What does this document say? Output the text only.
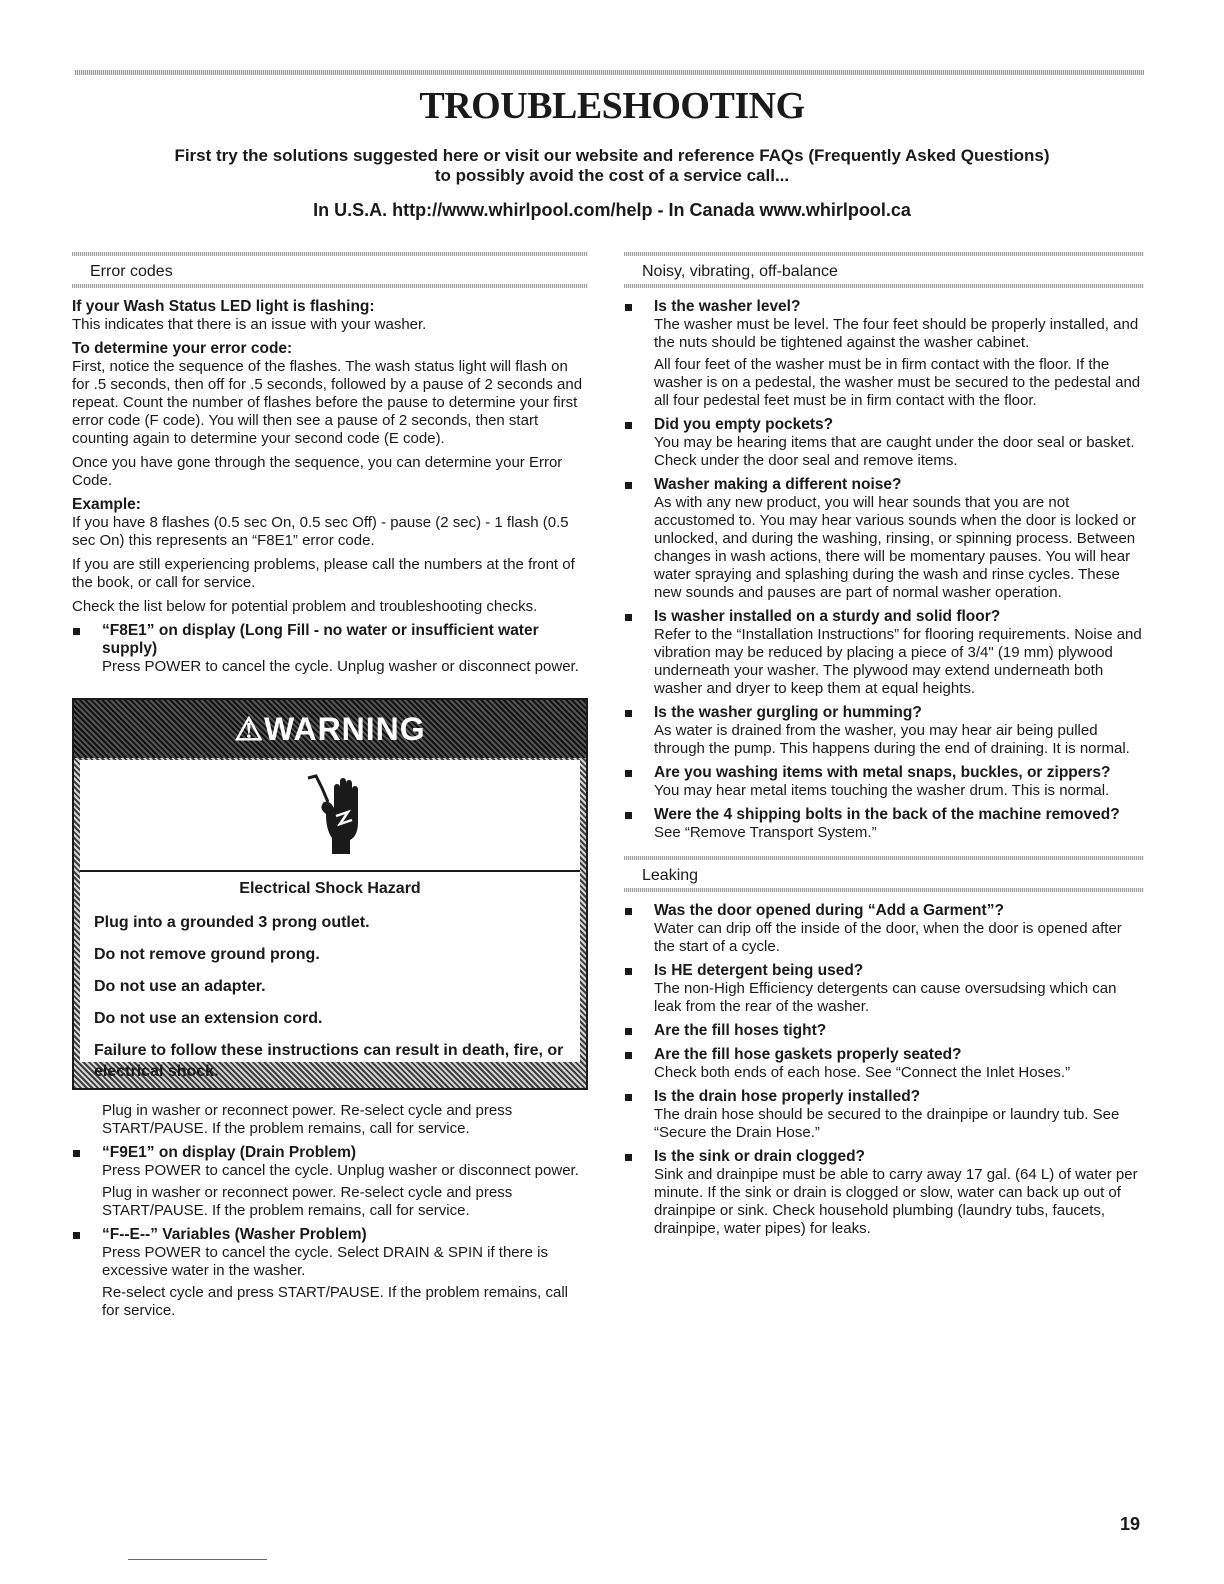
TROUBLESHOOTING

First try the solutions suggested here or visit our website and reference FAQs (Frequently Asked Questions)

to possibly avoid the cost of a service call...

In U.S.A. http://www.whirlpool.com/help - In Canada www.whirlpool.ca

Error codes
If your Wash Status LED light is flashing:

This indicates that there is an issue with your washer.

To determine your error code:

First, notice the sequence of the flashes. The wash status light will flash on for .5 seconds, then off for .5 seconds, followed by a pause of 2 seconds and repeat. Count the number of flashes before the pause to determine your first error code (F code). You will then see a pause of 2 seconds, then start counting again to determine your second code (E code).

Once you have gone through the sequence, you can determine your Error Code.

Example:

If you have 8 flashes (0.5 sec On, 0.5 sec Off) - pause (2 sec) - 1 flash (0.5 sec On) this represents an “F8E1” error code.

If you are still experiencing problems, please call the numbers at the front of the book, or call for service.

Check the list below for potential problem and troubleshooting checks.

“F8E1” on display (Long Fill - no water or insufficient water supply)

Press POWER to cancel the cycle. Unplug washer or disconnect power.

⚠WARNING

Electrical Shock Hazard

Plug into a grounded 3 prong outlet.

Do not remove ground prong.

Do not use an adapter.

Do not use an extension cord.

Failure to follow these instructions can result in death, fire, or electrical shock.

Plug in washer or reconnect power. Re-select cycle and press START/PAUSE. If the problem remains, call for service.

“F9E1” on display (Drain Problem)

Press POWER to cancel the cycle. Unplug washer or disconnect power.

Plug in washer or reconnect power. Re-select cycle and press START/PAUSE. If the problem remains, call for service.

“F--E--” Variables (Washer Problem)

Press POWER to cancel the cycle. Select DRAIN & SPIN if there is excessive water in the washer.

Re-select cycle and press START/PAUSE. If the problem remains, call for service.

Noisy, vibrating, off-balance
Is the washer level?

The washer must be level. The four feet should be properly installed, and the nuts should be tightened against the washer cabinet.

All four feet of the washer must be in firm contact with the floor. If the washer is on a pedestal, the washer must be secured to the pedestal and all four pedestal feet must be in firm contact with the floor.

Did you empty pockets?

You may be hearing items that are caught under the door seal or basket. Check under the door seal and remove items.

Washer making a different noise?

As with any new product, you will hear sounds that you are not accustomed to. You may hear various sounds when the door is locked or unlocked, and during the washing, rinsing, or spinning process. Between changes in wash actions, there will be momentary pauses. You will hear water spraying and splashing during the wash and rinse cycles. These new sounds and pauses are part of normal washer operation.

Is washer installed on a sturdy and solid floor?

Refer to the “Installation Instructions” for flooring requirements. Noise and vibration may be reduced by placing a piece of 3/4" (19 mm) plywood underneath your washer. The plywood may extend underneath both washer and dryer to keep them at equal heights.

Is the washer gurgling or humming?

As water is drained from the washer, you may hear air being pulled through the pump. This happens during the end of draining. It is normal.

Are you washing items with metal snaps, buckles, or zippers?

You may hear metal items touching the washer drum. This is normal.

Were the 4 shipping bolts in the back of the machine removed?

See “Remove Transport System.”

Leaking
Was the door opened during “Add a Garment”?

Water can drip off the inside of the door, when the door is opened after the start of a cycle.

Is HE detergent being used?

The non-High Efficiency detergents can cause oversudsing which can leak from the rear of the washer.

Are the fill hoses tight?
Are the fill hose gaskets properly seated?

Check both ends of each hose. See “Connect the Inlet Hoses.”

Is the drain hose properly installed?

The drain hose should be secured to the drainpipe or laundry tub. See “Secure the Drain Hose.”

Is the sink or drain clogged?

Sink and drainpipe must be able to carry away 17 gal. (64 L) of water per minute. If the sink or drain is clogged or slow, water can back up out of drainpipe or sink. Check household plumbing (laundry tubs, faucets, drainpipe, water pipes) for leaks.

19
